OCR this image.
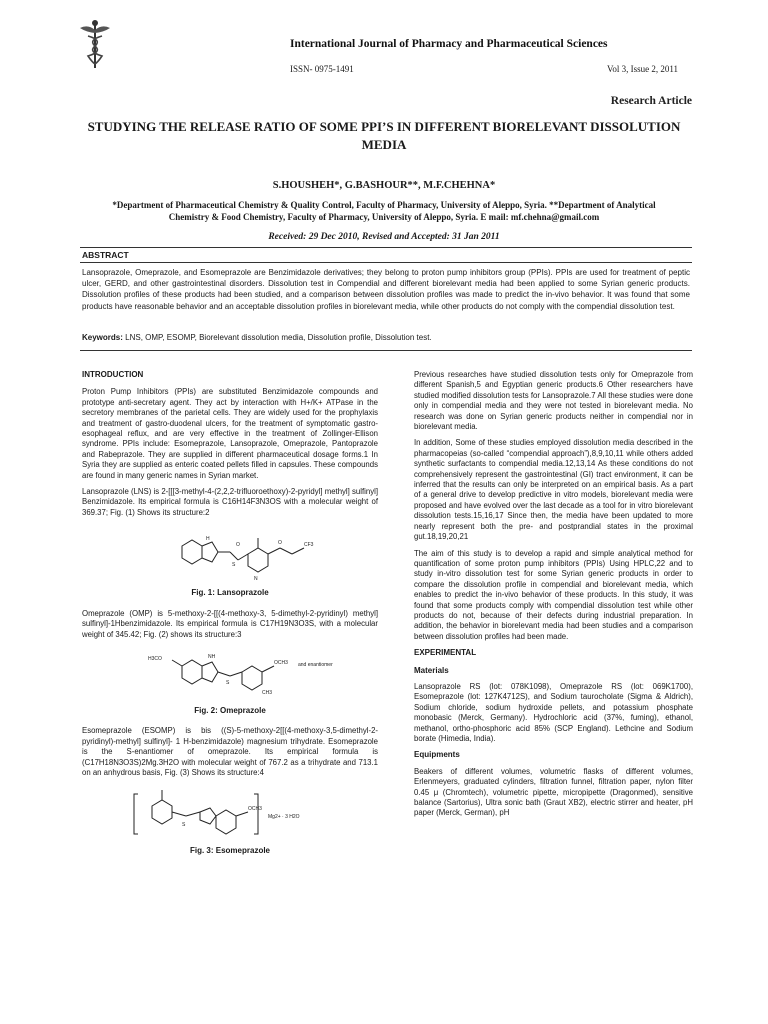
International Journal of Pharmacy and Pharmaceutical Sciences
ISSN- 0975-1491	Vol 3, Issue 2, 2011
Research Article
STUDYING THE RELEASE RATIO OF SOME PPI’S IN DIFFERENT BIORELEVANT DISSOLUTION MEDIA
S.HOUSHEH*, G.BASHOUR**, M.F.CHEHNA*
*Department of Pharmaceutical Chemistry & Quality Control, Faculty of Pharmacy, University of Aleppo, Syria. **Department of Analytical
Chemistry & Food Chemistry, Faculty of Pharmacy, University of Aleppo, Syria. E mail: mf.chehna@gmail.com
Received: 29 Dec 2010, Revised and Accepted: 31 Jan 2011
ABSTRACT
Lansoprazole, Omeprazole, and Esomeprazole are Benzimidazole derivatives; they belong to proton pump inhibitors group (PPIs). PPIs are used for treatment of peptic ulcer, GERD, and other gastrointestinal disorders. Dissolution test in Compendial and different biorelevant media had been applied to some Syrian generic products. Dissolution profiles of these products had been studied, and a comparison between dissolution profiles was made to predict the in-vivo behavior. It was found that some products have reasonable behavior and an acceptable dissolution profiles in biorelevant media, while other products do not comply with the compendial dissolution test.
Keywords: LNS, OMP, ESOMP, Biorelevant dissolution media, Dissolution profile, Dissolution test.
INTRODUCTION

Proton Pump Inhibitors (PPIs) are substituted Benzimidazole compounds and prototype anti-secretary agent. They act by interaction with H+/K+ ATPase in the secretory membranes of the parietal cells. They are widely used for the prophylaxis and treatment of gastro-duodenal ulcers, for the treatment of symptomatic gastro-esophageal reflux, and are very effective in the treatment of Zollinger-Ellison syndrome. PPIs include: Esomeprazole, Lansoprazole, Omeprazole, Pantoprazole and Rabeprazole. They are supplied in different pharmaceutical dosage forms.1 In Syria they are supplied as enteric coated pellets filled in capsules. These compounds are found in many generic names in Syrian market.

Lansoprazole (LNS) is 2-[[[3-methyl-4-(2,2,2-trifluoroethoxy)-2-pyridyl] methyl] sulfinyl] Benzimidazole. Its empirical formula is C16H14F3N3OS with a molecular weight of 369.37; Fig. (1) Shows its structure:2

H
S
O	O	CF3
N
Fig. 1: Lansoprazole

Omeprazole (OMP) is 5-methoxy-2-[[(4-methoxy-3, 5-dimethyl-2-pyridinyl) methyl] sulfinyl]-1Hbenzimidazole. Its empirical formula is C17H19N3O3S, with a molecular weight of 345.42; Fig. (2) shows its structure:3

H3CO	NH
S
OCH3 and enantiomer
CH3
Fig. 2: Omeprazole

Esomeprazole (ESOMP) is bis ((S)-5-methoxy-2[[(4-methoxy-3,5-dimethyl-2-pyridinyl)-methyl] sulfinyl]- 1 H-benzimidazole) magnesium trihydrate. Esomeprazole is the S-enantiomer of omeprazole. Its empirical formula is (C17H18N3O3S)2Mg.3H2O with molecular weight of 767.2 as a trihydrate and 713.1 on an anhydrous basis, Fig. (3) Shows its structure:4

S
OCH3
Mg2+ · 3 H2O
Fig. 3: Esomeprazole

Previous researches have studied dissolution tests only for Omeprazole from different Spanish,5 and Egyptian generic products.6 Other researchers have studied modified dissolution tests for Lansoprazole.7 All these studies were done only in compendial media and they were not tested in biorelevant media. No research was done on Syrian generic products neither in compendial nor in biorelevant media.

In addition, Some of these studies employed dissolution media described in the pharmacopeias (so-called “compendial approach”),8,9,10,11 while others added synthetic surfactants to compendial media.12,13,14 As these conditions do not comprehensively represent the gastrointestinal (GI) tract environment, it can be inferred that the results can only be interpreted on an empirical basis. As a part of a general drive to develop predictive in vitro models, biorelevant media were proposed and have evolved over the last decade as a tool for in vitro biorelevant dissolution tests.15,16,17 Since then, the media have been updated to more nearly represent both the pre- and postprandial states in the proximal gut.18,19,20,21

The aim of this study is to develop a rapid and simple analytical method for quantification of some proton pump inhibitors (PPIs) Using HPLC,22 and to study in-vitro dissolution test for some Syrian generic products in order to compare the dissolution profile in compendial and biorelevant media, which enables to predict the in-vivo behavior of these products. In this study, it was found that some products comply with compendial dissolution test while other products do not, because of their defects during industrial preparation. In addition, the behavior in biorelevant media had been studies and a comparison between dissolution profiles had been made.

EXPERIMENTAL
Materials

Lansoprazole RS (lot: 078K1098), Omeprazole RS (lot: 069K1700), Esomeprazole (lot: 127K4712S), and Sodium taurocholate (Sigma & Aldrich), Sodium chloride, sodium hydroxide pellets, and potassium phosphate monobasic (Merck, Germany). Hydrochloric acid (37%, fuming), ethanol, methanol, ortho-phosphoric acid 85% (SCP England). Lethcine and Sodium borate (Himedia, India).

Equipments

Beakers of different volumes, volumetric flasks of different volumes, Erlenmeyers, graduated cylinders, filtration funnel, filtration paper, nylon filter 0.45 μ (Chromtech), volumetric pipette, micropipette (Dragonmed), sensitive balance (Sartorius), Ultra sonic bath (Graut XB2), electric stirrer and heater, pH paper (Merck, German), pH
